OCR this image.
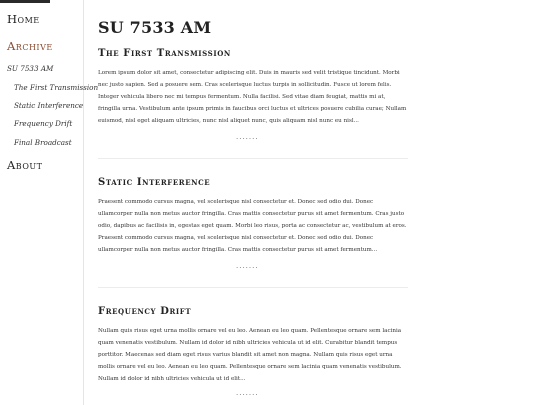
Home
Archive
SU 7533 AM
The First Transmission
Static Interference
Frequency Drift
Final Broadcast
About
SU 7533 AM
The First Transmission

Lorem ipsum dolor sit amet, consectetur adipiscing elit. Duis in mauris sed velit tristique tincidunt. Morbi nec justo sapien. Sed a posuere sem. Cras scelerisque luctus turpis in sollicitudin. Fusce ut lorem felis. Integer vehicula libero nec mi tempus fermentum. Nulla facilisi. Sed vitae diam feugiat, mattis mi at, fringilla urna. Vestibulum ante ipsum primis in faucibus orci luctus et ultrices posuere cubilia curae; Nullam euismod, nisl eget aliquam ultricies, nunc nisl aliquet nunc, quis aliquam nisl nunc eu nisl...

.......
Static Interference

Praesent commodo cursus magna, vel scelerisque nisl consectetur et. Donec sed odio dui. Donec ullamcorper nulla non metus auctor fringilla. Cras mattis consectetur purus sit amet fermentum. Cras justo odio, dapibus ac facilisis in, egestas eget quam. Morbi leo risus, porta ac consectetur ac, vestibulum at eros. Praesent commodo cursus magna, vel scelerisque nisl consectetur et. Donec sed odio dui. Donec ullamcorper nulla non metus auctor fringilla. Cras mattis consectetur purus sit amet fermentum...

.......
Frequency Drift

Nullam quis risus eget urna mollis ornare vel eu leo. Aenean eu leo quam. Pellentesque ornare sem lacinia quam venenatis vestibulum. Nullam id dolor id nibh ultricies vehicula ut id elit. Curabitur blandit tempus porttitor. Maecenas sed diam eget risus varius blandit sit amet non magna. Nullam quis risus eget urna mollis ornare vel eu leo. Aenean eu leo quam. Pellentesque ornare sem lacinia quam venenatis vestibulum. Nullam id dolor id nibh ultricies vehicula ut id elit...

.......
